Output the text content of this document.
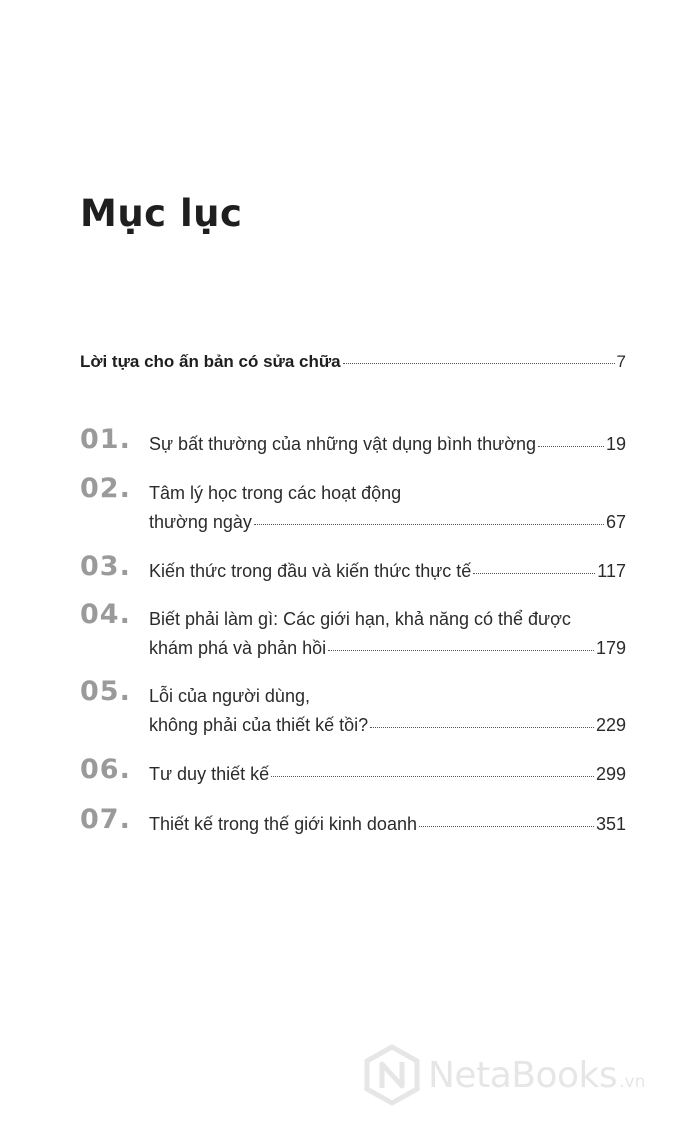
Mục lục
Lời tựa cho ấn bản có sửa chữa	7
01. Sự bất thường của những vật dụng bình thường	19
02. Tâm lý học trong các hoạt động
thường ngày	67
03. Kiến thức trong đầu và kiến thức thực tế	117
04. Biết phải làm gì: Các giới hạn, khả năng có thể được
khám phá và phản hồi	179
05. Lỗi của người dùng,
không phải của thiết kế tồi?	229
06. Tư duy thiết kế	299
07. Thiết kế trong thế giới kinh doanh	351
NetaBooks .vn
